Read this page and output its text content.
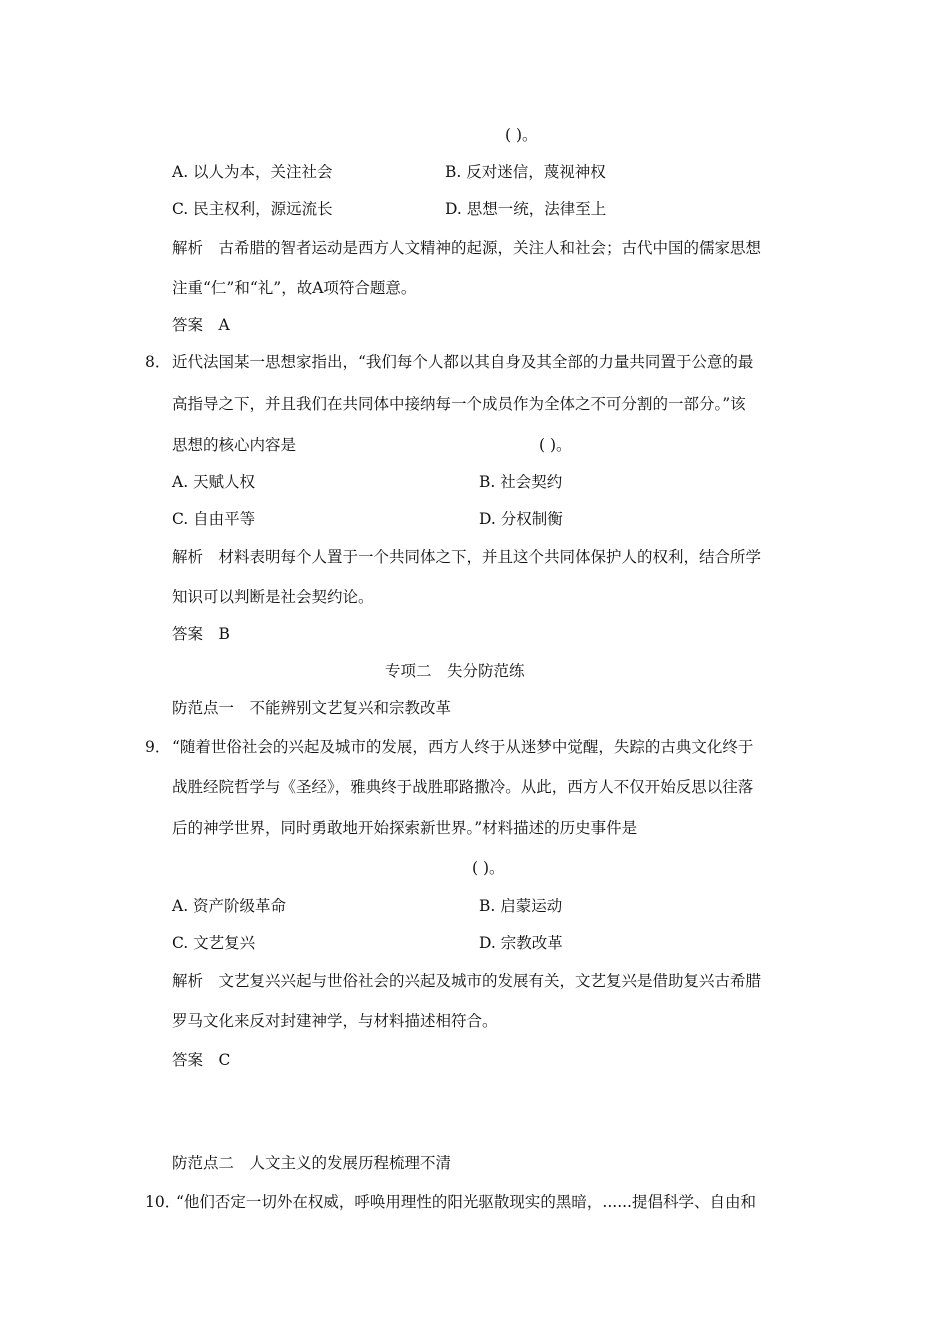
( )。
A. 以人为本，关注社会	B. 反对迷信，蔑视神权
C. 民主权利，源远流长	D. 思想一统，法律至上
解析　古希腊的智者运动是西方人文精神的起源，关注人和社会；古代中国的儒家思想
注重“仁”和“礼”，故A项符合题意。
答案　A
8． 近代法国某一思想家指出，“我们每个人都以其自身及其全部的力量共同置于公意的最
高指导之下，并且我们在共同体中接纳每一个成员作为全体之不可分割的一部分。”该
思想的核心内容是	( )。
A. 天赋人权	B. 社会契约
C. 自由平等	D. 分权制衡
解析　材料表明每个人置于一个共同体之下，并且这个共同体保护人的权利，结合所学
知识可以判断是社会契约论。
答案　B
专项二　失分防范练
防范点一　不能辨别文艺复兴和宗教改革
9． “随着世俗社会的兴起及城市的发展，西方人终于从迷梦中觉醒，失踪的古典文化终于
战胜经院哲学与《圣经》，雅典终于战胜耶路撒冷。从此，西方人不仅开始反思以往落
后的神学世界，同时勇敢地开始探索新世界。”材料描述的历史事件是
( )。
A. 资产阶级革命	B. 启蒙运动
C. 文艺复兴	D. 宗教改革
解析　文艺复兴兴起与世俗社会的兴起及城市的发展有关，文艺复兴是借助复兴古希腊
罗马文化来反对封建神学，与材料描述相符合。
答案　C
防范点二　人文主义的发展历程梳理不清
10．
“他们否定一切外在权威，呼唤用理性的阳光驱散现实的黑暗，......提倡科学、自由和
